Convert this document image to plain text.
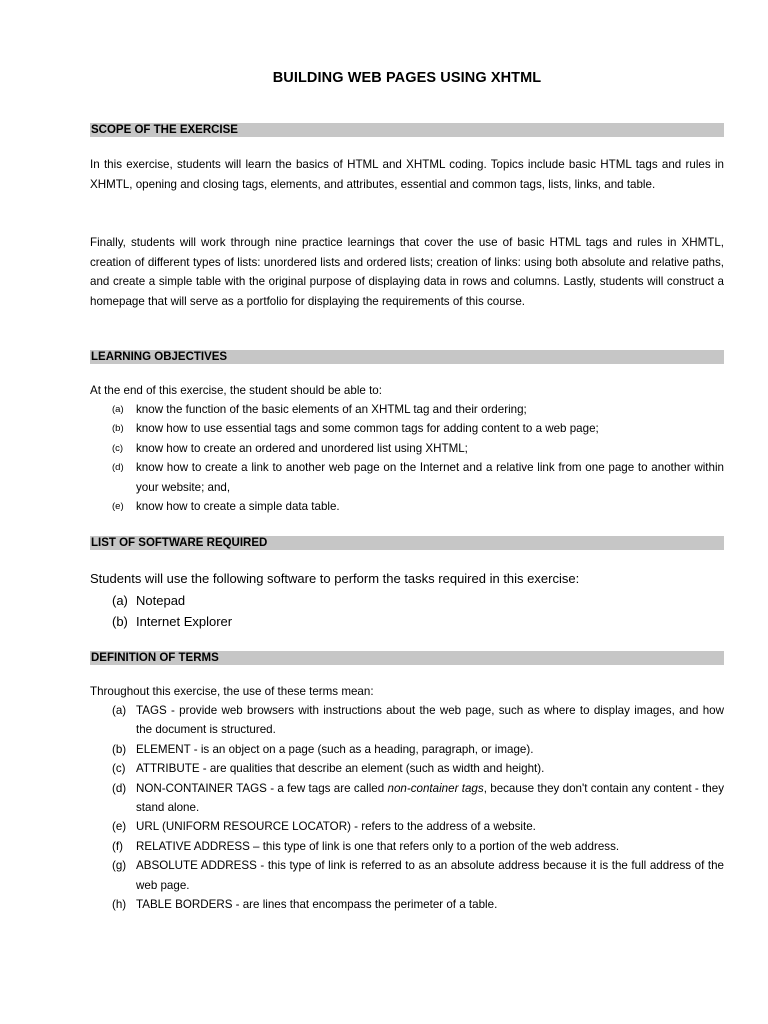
BUILDING WEB PAGES USING XHTML
SCOPE OF THE EXERCISE
In this exercise, students will learn the basics of HTML and XHTML coding. Topics include basic HTML tags and rules in XHMTL, opening and closing tags, elements, and attributes, essential and common tags, lists, links, and table.
Finally, students will work through nine practice learnings that cover the use of basic HTML tags and rules in XHMTL, creation of different types of lists: unordered lists and ordered lists; creation of links: using both absolute and relative paths, and create a simple table with the original purpose of displaying data in rows and columns. Lastly, students will construct a homepage that will serve as a portfolio for displaying the requirements of this course.
LEARNING OBJECTIVES
At the end of this exercise, the student should be able to:
(a) know the function of the basic elements of an XHTML tag and their ordering;
(b) know how to use essential tags and some common tags for adding content to a web page;
(c) know how to create an ordered and unordered list using XHTML;
(d) know how to create a link to another web page on the Internet and a relative link from one page to another within your website; and,
(e) know how to create a simple data table.
LIST OF SOFTWARE REQUIRED
Students will use the following software to perform the tasks required in this exercise:
(a) Notepad
(b) Internet Explorer
DEFINITION OF TERMS
Throughout this exercise, the use of these terms mean:
(a) TAGS - provide web browsers with instructions about the web page, such as where to display images, and how the document is structured.
(b) ELEMENT - is an object on a page (such as a heading, paragraph, or image).
(c) ATTRIBUTE - are qualities that describe an element (such as width and height).
(d) NON-CONTAINER TAGS - a few tags are called non-container tags, because they don't contain any content - they stand alone.
(e) URL (UNIFORM RESOURCE LOCATOR) - refers to the address of a website.
(f) RELATIVE ADDRESS – this type of link is one that refers only to a portion of the web address.
(g) ABSOLUTE ADDRESS - this type of link is referred to as an absolute address because it is the full address of the web page.
(h) TABLE BORDERS - are lines that encompass the perimeter of a table.
